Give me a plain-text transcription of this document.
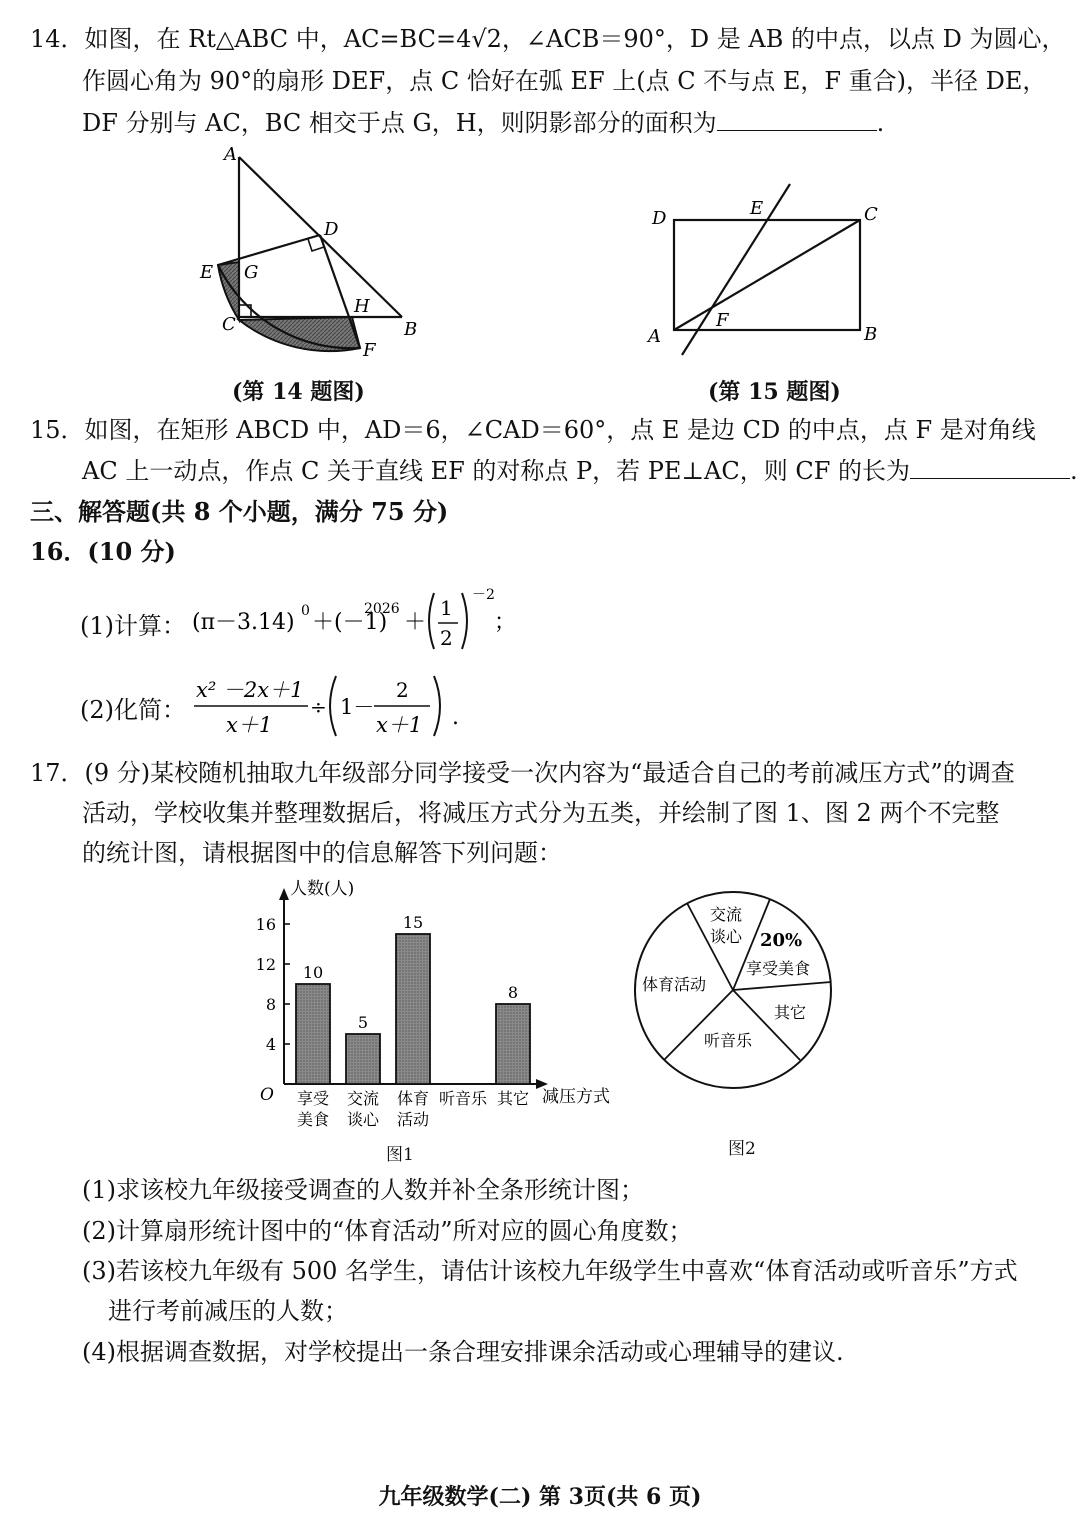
14．如图，在 Rt△ABC 中，AC=BC=4√2，∠ACB＝90°，D 是 AB 的中点，以点 D 为圆心，
作圆心角为 90°的扇形 DEF，点 C 恰好在弧 EF 上(点 C 不与点 E，F 重合)，半径 DE，
DF 分别与 AC，BC 相交于点 G，H，则阴影部分的面积为	.
A
B
C
D
E
F
G
H
(第 14 题图)
D	C
A	B
E
F
(第 15 题图)
15．如图，在矩形 ABCD 中，AD＝6，∠CAD＝60°，点 E 是边 CD 的中点，点 F 是对角线
AC 上一动点，作点 C 关于直线 EF 的对称点 P，若 PE⊥AC，则 CF 的长为	.
三、解答题(共 8 个小题，满分 75 分)
16．(10 分)
(1)计算： (π－3.14) 0 ＋(－1)
2026
＋
1
2
－2
；
(2)化简：
x² －2x＋1
x＋1
÷ 1－
2
x＋1 .
17．(9 分)某校随机抽取九年级部分同学接受一次内容为“最适合自己的考前减压方式”的调查
活动，学校收集并整理数据后，将减压方式分为五类，并绘制了图 1、图 2 两个不完整
的统计图，请根据图中的信息解答下列问题：
4
8
12
16
10
享受
美食
5
交流
谈心
15
体育
活动
听音乐
8
其它
人数(人)
O	减压方式
图1
交流
谈心 20%
享受美食
其它
听音乐
体育活动
图2
(1)求该校九年级接受调查的人数并补全条形统计图；
(2)计算扇形统计图中的“体育活动”所对应的圆心角度数；
(3)若该校九年级有 500 名学生，请估计该校九年级学生中喜欢“体育活动或听音乐”方式
进行考前减压的人数；
(4)根据调查数据，对学校提出一条合理安排课余活动或心理辅导的建议.
九年级数学(二) 第 3页(共 6 页)
